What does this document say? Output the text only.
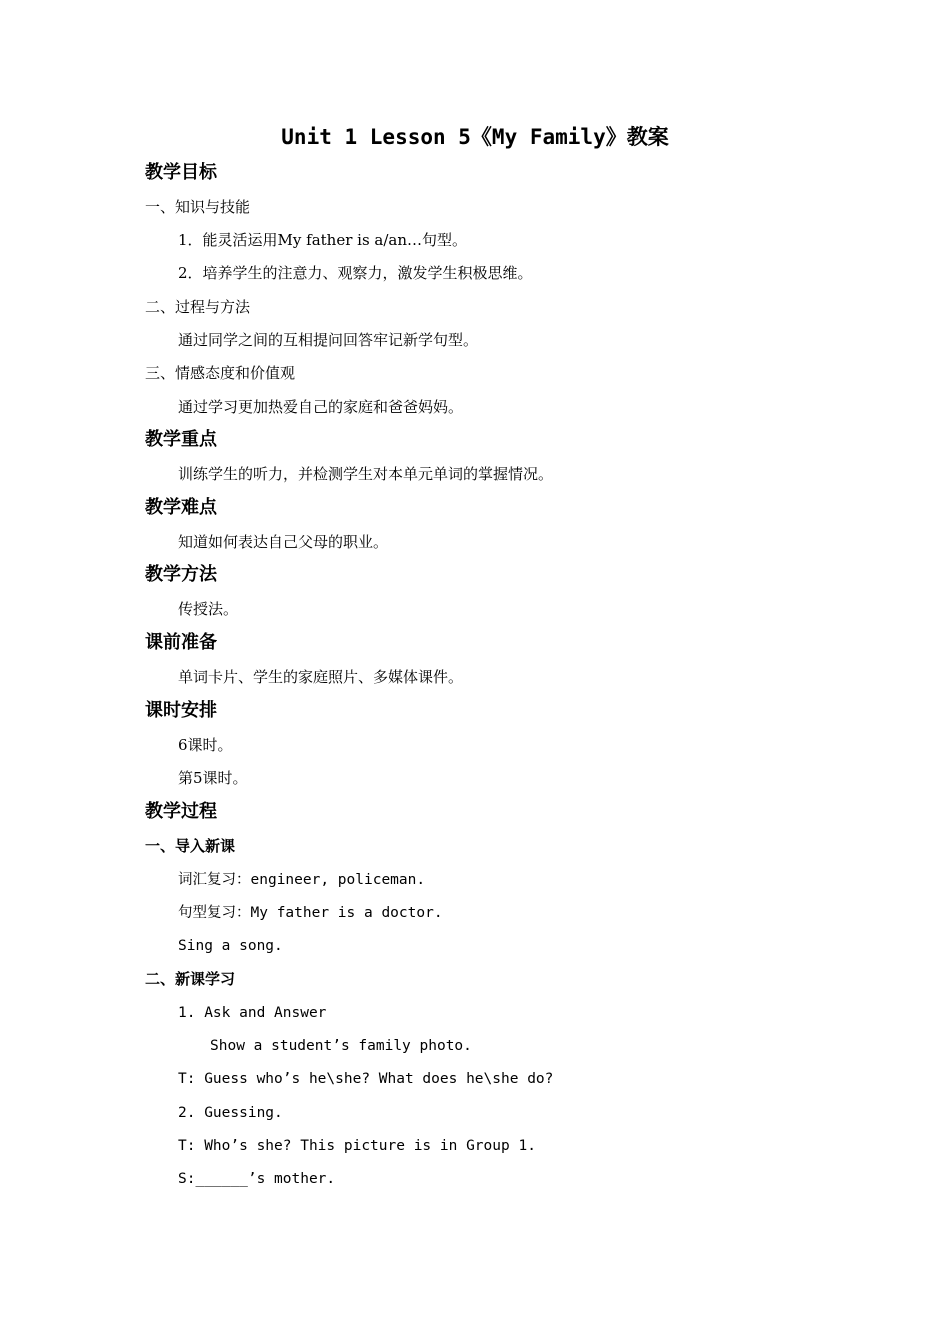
Unit 1 Lesson 5《My Family》教案
教学目标
一、知识与技能
1．能灵活运用My father is a/an…句型。
2．培养学生的注意力、观察力，激发学生积极思维。
二、过程与方法
通过同学之间的互相提问回答牢记新学句型。
三、情感态度和价值观
通过学习更加热爱自己的家庭和爸爸妈妈。
教学重点
训练学生的听力，并检测学生对本单元单词的掌握情况。
教学难点
知道如何表达自己父母的职业。
教学方法
传授法。
课前准备
单词卡片、学生的家庭照片、多媒体课件。
课时安排
6课时。
第5课时。
教学过程
一、导入新课
词汇复习：engineer, policeman.
句型复习：My father is a doctor.
Sing a song.
二、新课学习
1. Ask and Answer
Show a student’s family photo.
T: Guess who’s he\she? What does he\she do?
2. Guessing.
T: Who’s she? This picture is in Group 1.
S:______’s mother.
